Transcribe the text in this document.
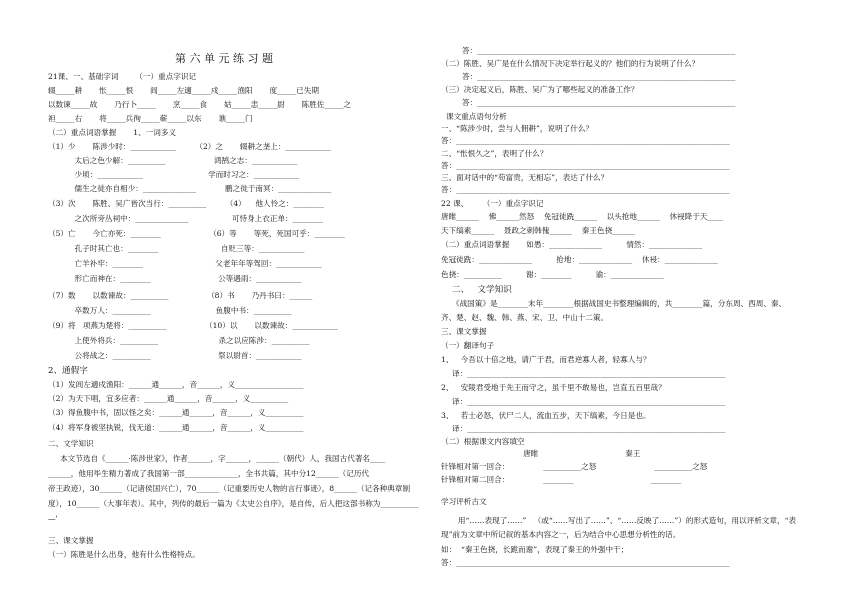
第 六 单 元 练 习 题
21课、一、基础字词       （一）重点字识记
辍_____耕       怅_____恨       闾_____左適_____戍_____渔阳       度_____已失期
以数谏_____故       乃行卜_____       烹_____食       姑_____恚_____尉       陈胜佐_____之
袒_____右       将_____兵徇_____蕲_____以东       谯_____门
（二）重点词语掌握       1、一词多义
（1）少       陈涉少时：____________        （2）之       辍耕之垄上：____________
太后之色少解：__________                    鸿鹄之志：____________
少顷：____________                           学而时习之：____________
儒生之徒亦自相少：______________            鹏之徙于南冥：______________
（3）次       陈胜、吴广皆次当行：__________        （4）    他人怜之：________
之次所旁丛祠中：______________                  可恃身上衣正单：________
（5）亡       今亡亦死：________                    （6）等       等死，死国可乎：________
孔子时其亡也：________                          自贬三等：____________
亡羊补牢：________                              父老年年等驾回：____________
形亡而神在：________                            公等遇雨：____________
（7）数       以数谏故：__________                （8）书       乃丹书曰：______
卒数万人：__________                           鱼腹中书：__________
（9）将   项燕为楚将：__________                （10）以       以数谏故：____________
上使外将兵：__________                         杀之以应陈涉：__________
公将战之：__________                            祭以尉首：____________
2、通假字
（1）发闾左適戍渔阳：______通______，音______，义__________________
（2）为天下唱，宜多应者：______通______，音______，义__________
（3）得鱼腹中书，固以怪之矣：______通______，音______，义__________
（4）将军身被坚执锐，伐无道：______通______，音______，义__________
二、文学知识
本文节选自《______·陈涉世家》，作者______，字______，______（朝代）人，我国古代著名____
______，他用毕生精力著成了我国第一部______________，全书共篇，其中分12______（记历代
帝王政迹），30______（记诸侯国兴亡），70______（记重要历史人物的言行事迹），8______（记各种典章制
度），10______（大事年表）。其中，列传的最后一篇为《太史公自序》，是自传，后人把这部书称为__________
—'
三、课文掌握
（一）陈胜是什么出身，他有什么性格特点。
答：____________________________________________________________________
（二）陈胜、吴广是在什么情况下决定举行起义的？他们的行为说明了什么？
答：____________________________________________________________________
（三）决定起义后，陈胜、吴广为了哪些起义的准备工作？
答：____________________________________________________________________
课文重点语句分析
一、“陈涉少时，尝与人佣耕”，说明了什么？
答：________________________________________________________________________
二、“怅恨久之”，表明了什么？
答：________________________________________________________________________
三、面对话中的“苟富贵，无相忘”，表达了什么？
答：________________________________________________________________________
22 课、      （一）重点字识记
唐睢______    怫______然怒    免冠徒跣______    以头抢地______    休祲降于天____
天下缟素______    聂政之刺韩傀______    秦王色挠______
（二）重点词语掌握       如愚：______________          情然：______________
免冠徒跣：______________          抢地：______________    休祲：______________
色挠：__________          谢：________          谕：______________
二、   文学知识
《战国策》是________末年________根据战国史书整理编辑的，共________篇，分东周、西周、秦、
齐、楚、赵、魏、韩、燕、宋、卫、中山十二策。
三、课文掌握
（一）翻译句子
1、   今吾以十倍之地，请广于君，而君逆寡人者，轻寡人与？
译：____________________________________________________________________
2、   安陵君受地于先王而守之，虽千里不敢易也，岂直五百里哉？
译：____________________________________________________________________
3、   若士必怒，伏尸二人，流血五步，天下缟素，今日是也。
译：____________________________________________________________________
（二）根据课文内容填空
唐睢                                    秦王
针锋相对第一回合：              __________之怒                        __________之怒
针锋相对第二回合：              ________                                ________
学习评析古文
用“……表现了……”   （或“……写出了……”、“……反映了……”）的形式造句，用以评析文章，“表
现”前为文章中所记叙的基本内容之一，后为结合中心思想分析性的话。
如：  “秦王色挠，长跪而谢”，表现了秦王的外强中干；
答：________________________________________________________________________
